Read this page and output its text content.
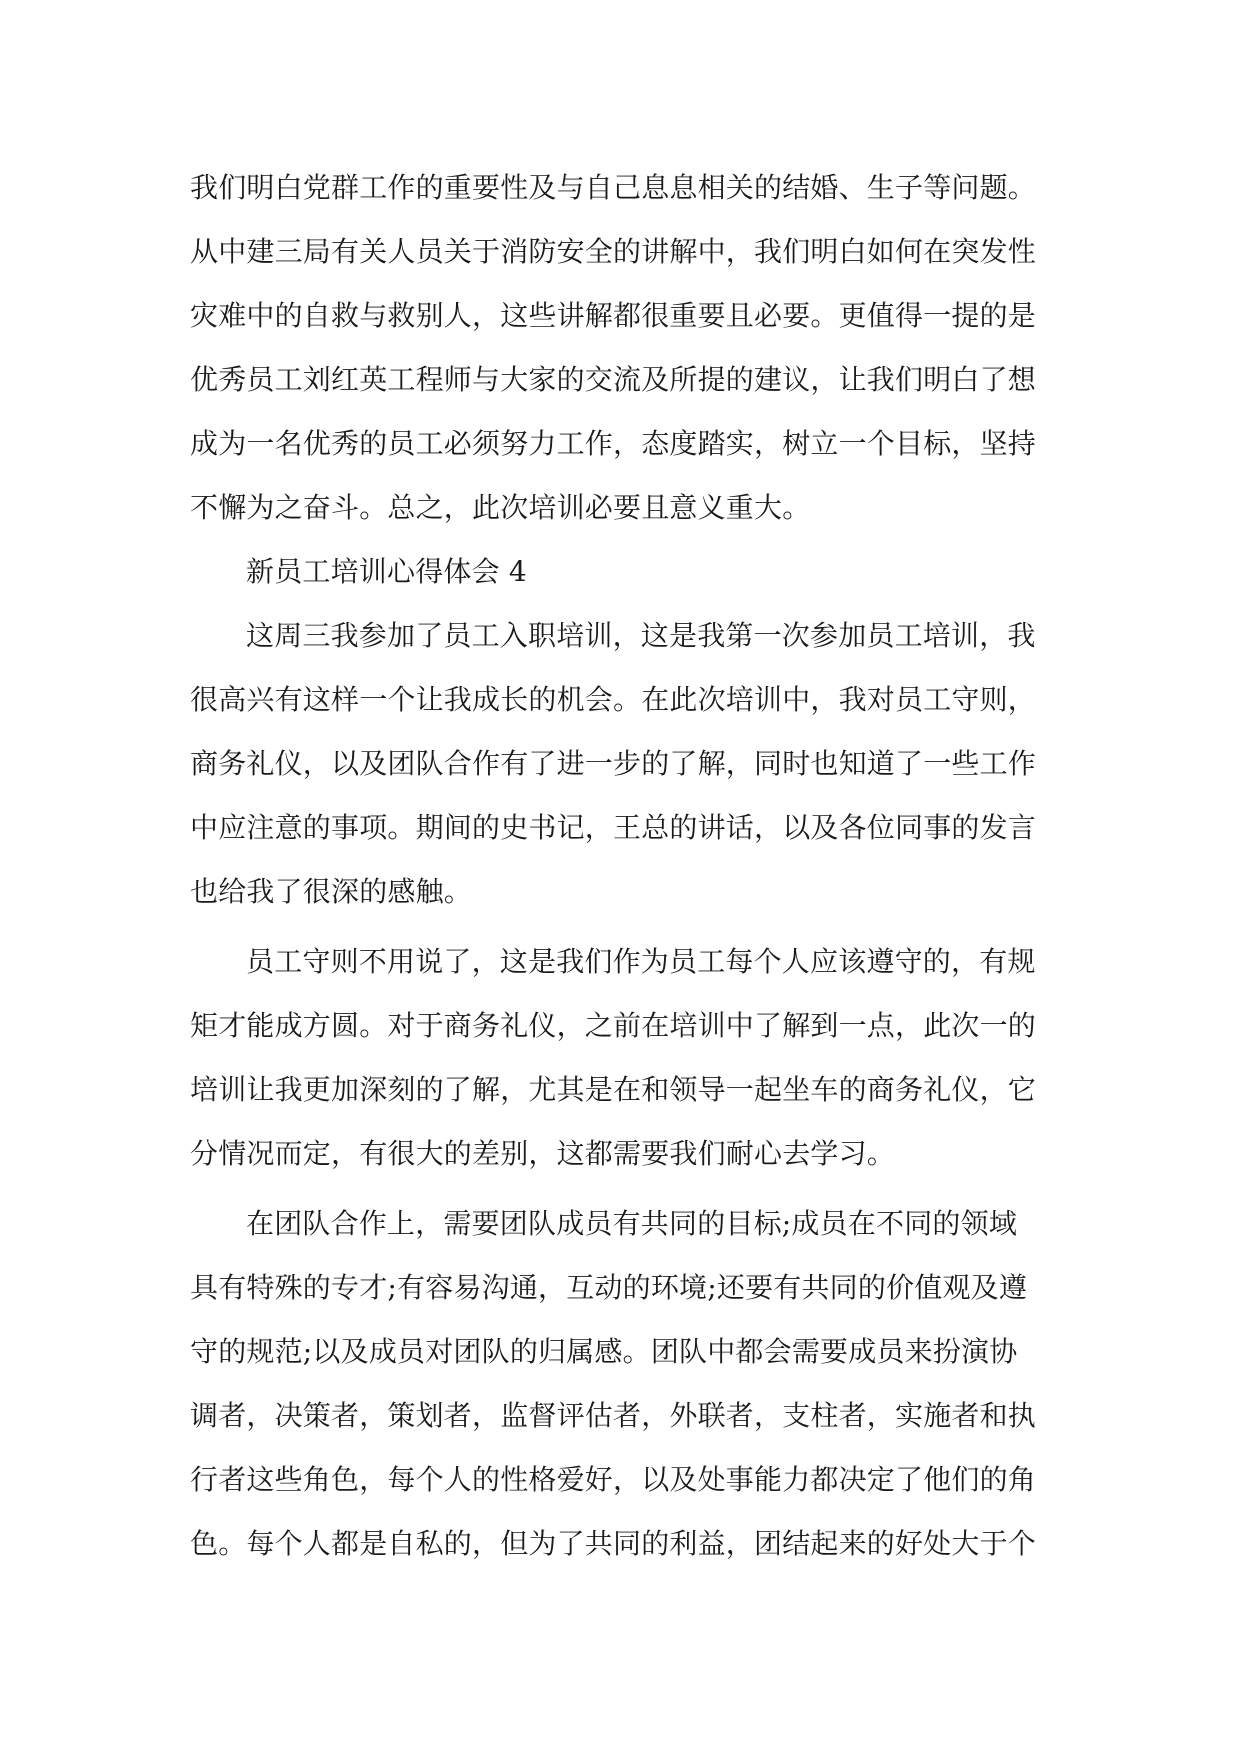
我们明白党群工作的重要性及与自己息息相关的结婚、生子等问题。
从中建三局有关人员关于消防安全的讲解中，我们明白如何在突发性
灾难中的自救与救别人，这些讲解都很重要且必要。更值得一提的是
优秀员工刘红英工程师与大家的交流及所提的建议，让我们明白了想
成为一名优秀的员工必须努力工作，态度踏实，树立一个目标，坚持
不懈为之奋斗。总之，此次培训必要且意义重大。
新员工培训心得体会 4
这周三我参加了员工入职培训，这是我第一次参加员工培训，我
很高兴有这样一个让我成长的机会。在此次培训中，我对员工守则，
商务礼仪，以及团队合作有了进一步的了解，同时也知道了一些工作
中应注意的事项。期间的史书记，王总的讲话，以及各位同事的发言
也给我了很深的感触。
员工守则不用说了，这是我们作为员工每个人应该遵守的，有规
矩才能成方圆。对于商务礼仪，之前在培训中了解到一点，此次一的
培训让我更加深刻的了解，尤其是在和领导一起坐车的商务礼仪，它
分情况而定，有很大的差别，这都需要我们耐心去学习。
在团队合作上，需要团队成员有共同的目标;成员在不同的领域
具有特殊的专才;有容易沟通，互动的环境;还要有共同的价值观及遵
守的规范;以及成员对团队的归属感。团队中都会需要成员来扮演协
调者，决策者，策划者，监督评估者，外联者，支柱者，实施者和执
行者这些角色，每个人的性格爱好，以及处事能力都决定了他们的角
色。每个人都是自私的，但为了共同的利益，团结起来的好处大于个
